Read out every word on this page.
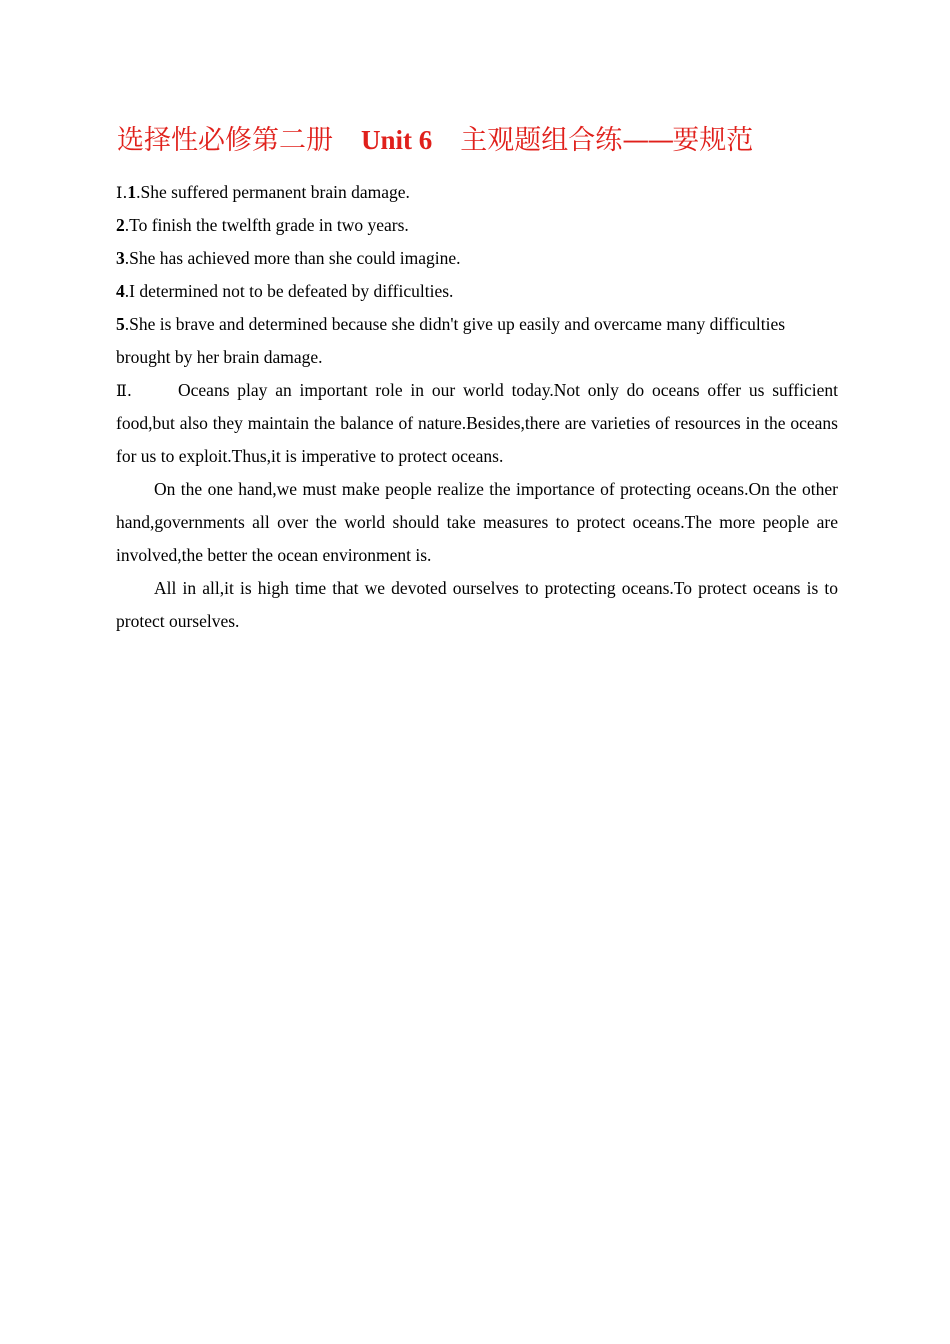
选择性必修第二册 Unit 6 主观题组合练——要规范

Ⅰ.1.She suffered permanent brain damage.

2.To finish the twelfth grade in two years.

3.She has achieved more than she could imagine.

4.I determined not to be defeated by difficulties.

5.She is brave and determined because she didn't give up easily and overcame many difficulties brought by her brain damage.

Ⅱ.	Oceans play an important role in our world today.Not only do oceans offer us sufficient food,but also they maintain the balance of nature.Besides,there are varieties of resources in the oceans for us to exploit.Thus,it is imperative to protect oceans.

On the one hand,we must make people realize the importance of protecting oceans.On the other hand,governments all over the world should take measures to protect oceans.The more people are involved,the better the ocean environment is.

All in all,it is high time that we devoted ourselves to protecting oceans.To protect oceans is to protect ourselves.
